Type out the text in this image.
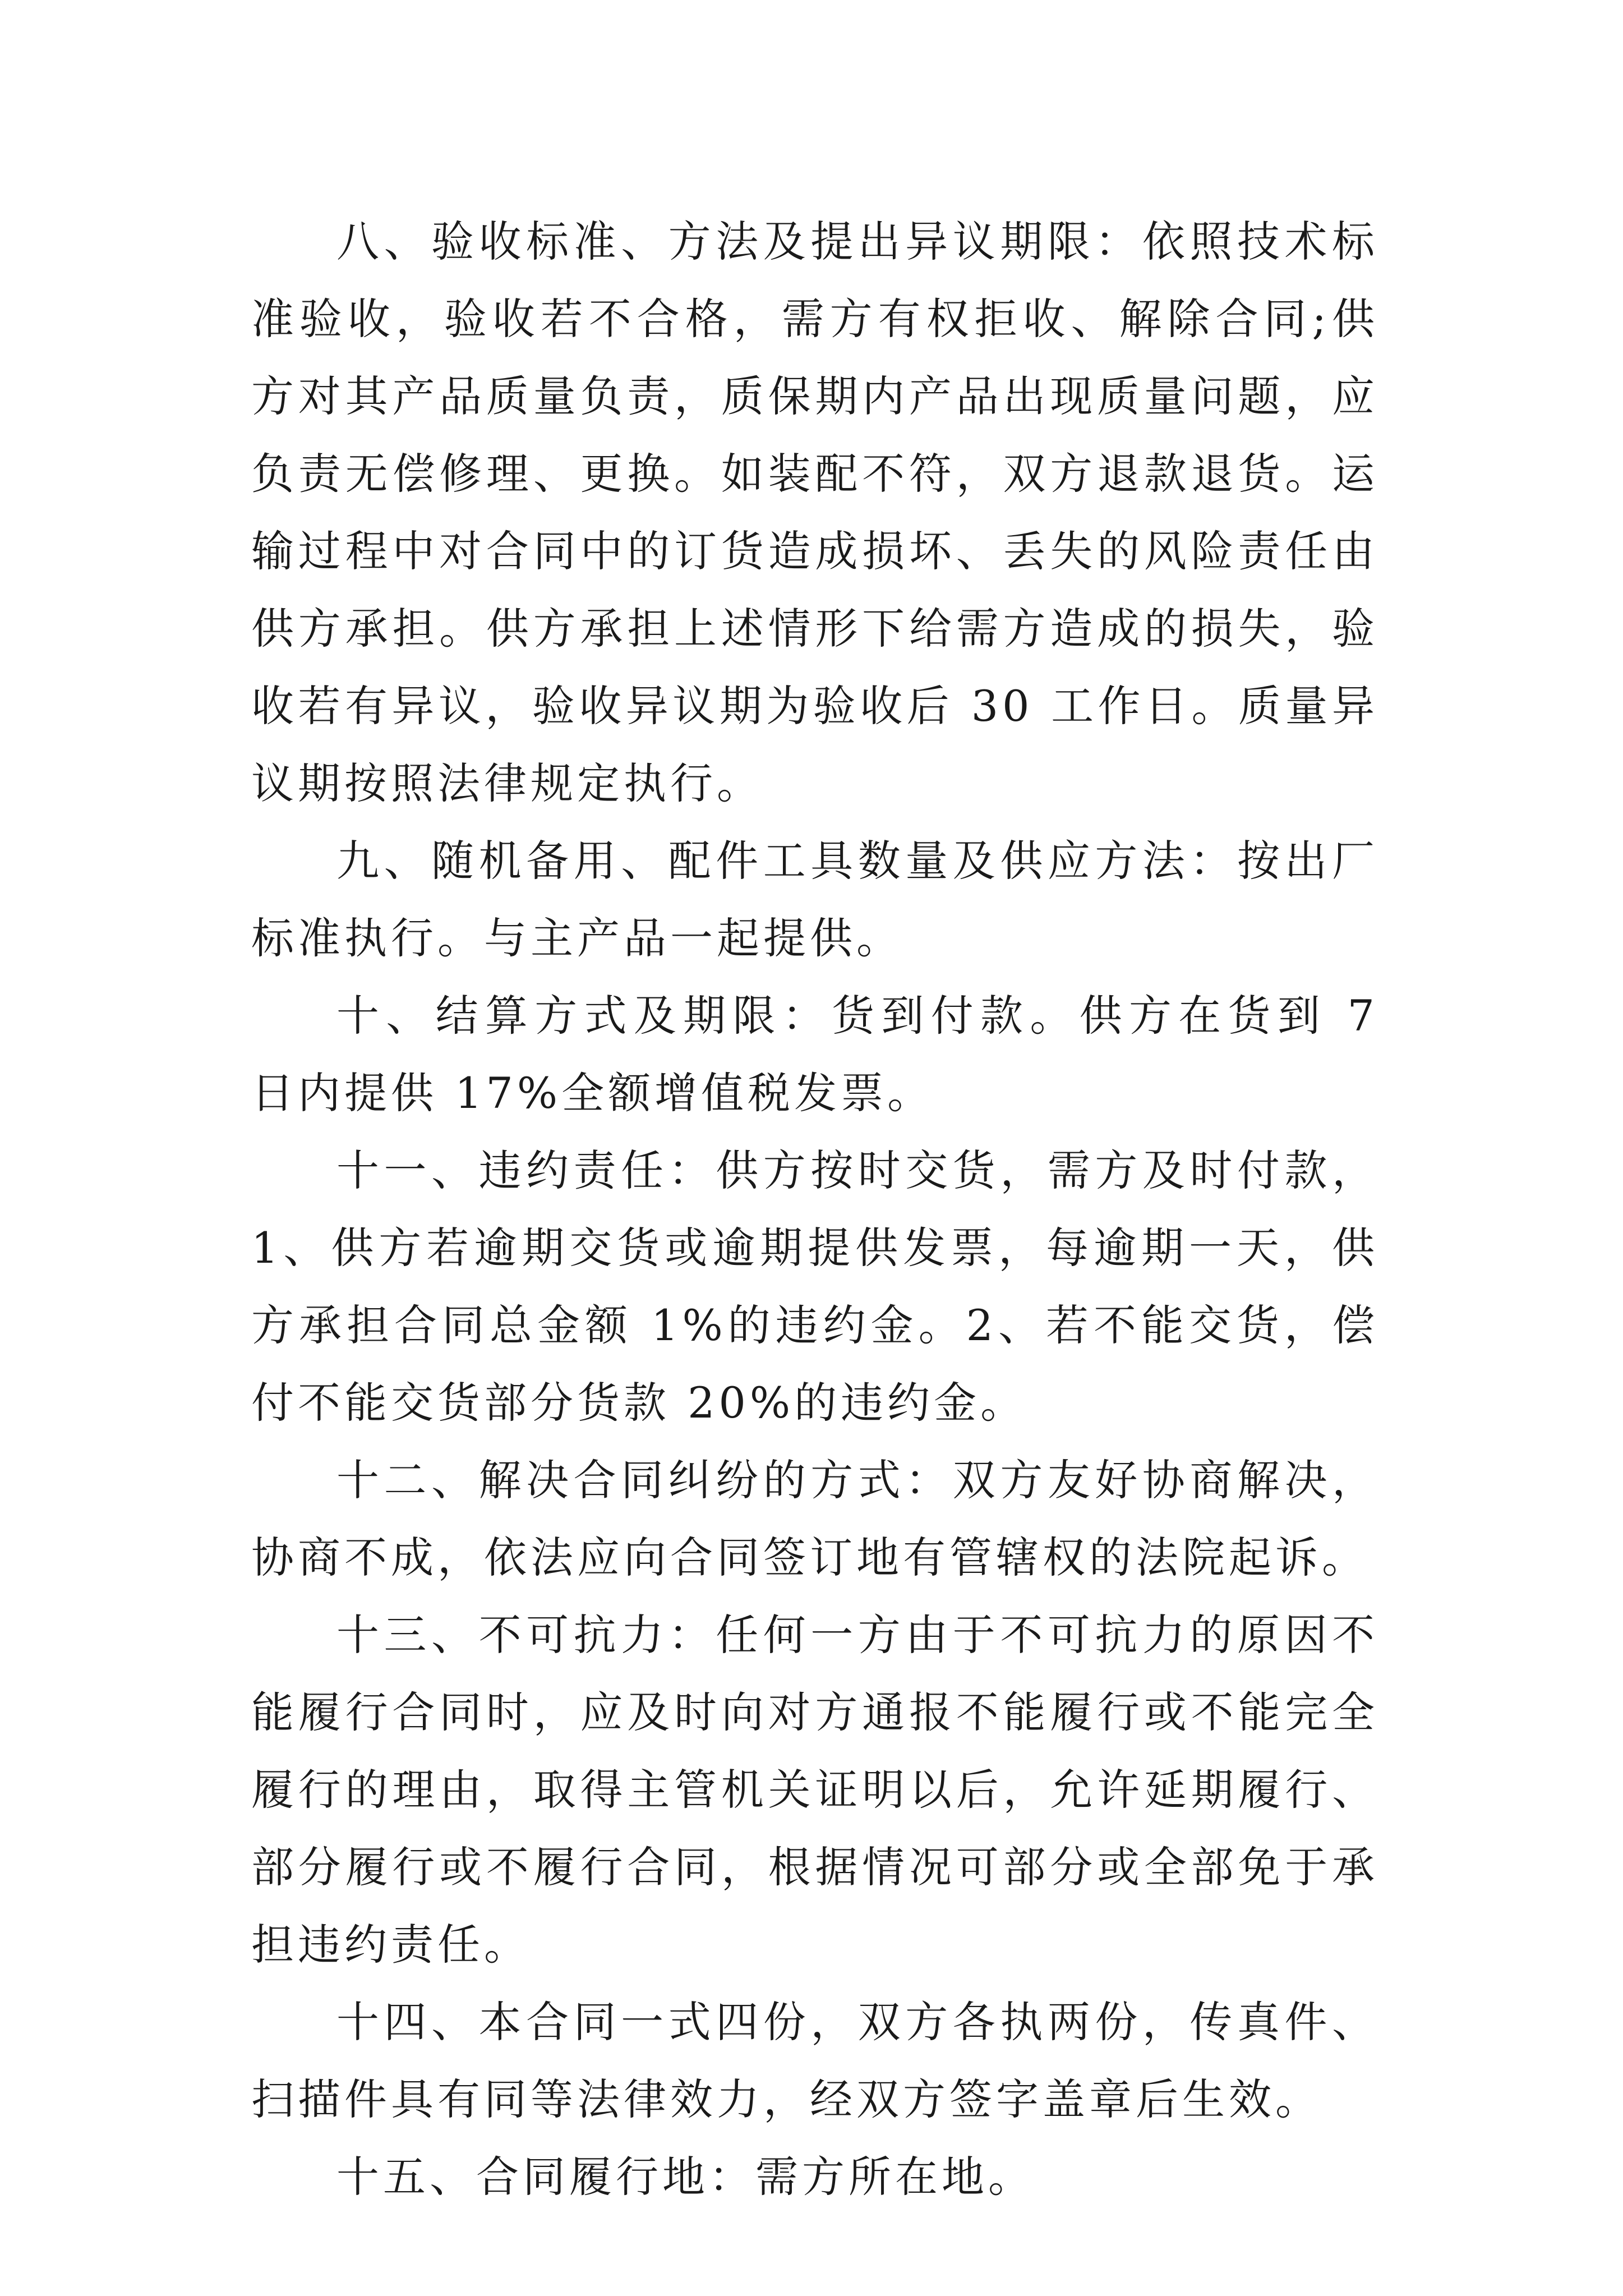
八、验收标准、方法及提出异议期限：依照技术标准验收，验收若不合格，需方有权拒收、解除合同;供方对其产品质量负责，质保期内产品出现质量问题，应负责无偿修理、更换。如装配不符，双方退款退货。运输过程中对合同中的订货造成损坏、丢失的风险责任由供方承担。供方承担上述情形下给需方造成的损失，验收若有异议，验收异议期为验收后 30 工作日。质量异议期按照法律规定执行。

九、随机备用、配件工具数量及供应方法：按出厂标准执行。与主产品一起提供。

十、结算方式及期限：货到付款。供方在货到 7 日内提供 17%全额增值税发票。

十一、违约责任：供方按时交货，需方及时付款，1、供方若逾期交货或逾期提供发票，每逾期一天，供方承担合同总金额 1%的违约金。2、若不能交货，偿付不能交货部分货款 20%的违约金。

十二、解决合同纠纷的方式：双方友好协商解决，协商不成，依法应向合同签订地有管辖权的法院起诉。

十三、不可抗力：任何一方由于不可抗力的原因不能履行合同时，应及时向对方通报不能履行或不能完全履行的理由，取得主管机关证明以后，允许延期履行、部分履行或不履行合同，根据情况可部分或全部免于承担违约责任。

十四、本合同一式四份，双方各执两份，传真件、扫描件具有同等法律效力，经双方签字盖章后生效。

十五、合同履行地：需方所在地。
